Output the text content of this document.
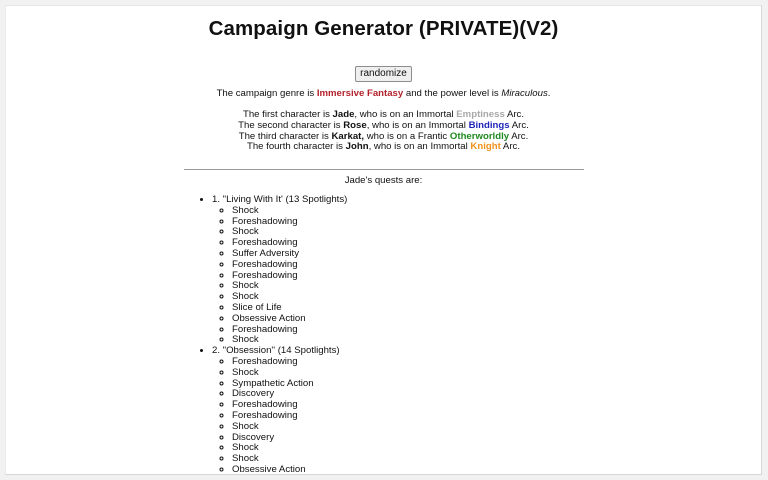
Campaign Generator (PRIVATE)(V2)
randomize
The campaign genre is Immersive Fantasy and the power level is Miraculous.
The first character is Jade, who is on an Immortal Emptiness Arc.
The second character is Rose, who is on an Immortal Bindings Arc.
The third character is Karkat, who is on a Frantic Otherworldly Arc.
The fourth character is John, who is on an Immortal Knight Arc.
Jade's quests are:
• 1. "Living With It' (13 Spotlights)
◦ Shock
◦ Foreshadowing
◦ Shock
◦ Foreshadowing
◦ Suffer Adversity
◦ Foreshadowing
◦ Foreshadowing
◦ Shock
◦ Shock
◦ Slice of Life
◦ Obsessive Action
◦ Foreshadowing
◦ Shock
• 2. "Obsession'' (14 Spotlights)
◦ Foreshadowing
◦ Shock
◦ Sympathetic Action
◦ Discovery
◦ Foreshadowing
◦ Foreshadowing
◦ Shock
◦ Discovery
◦ Shock
◦ Shock
◦ Obsessive Action
